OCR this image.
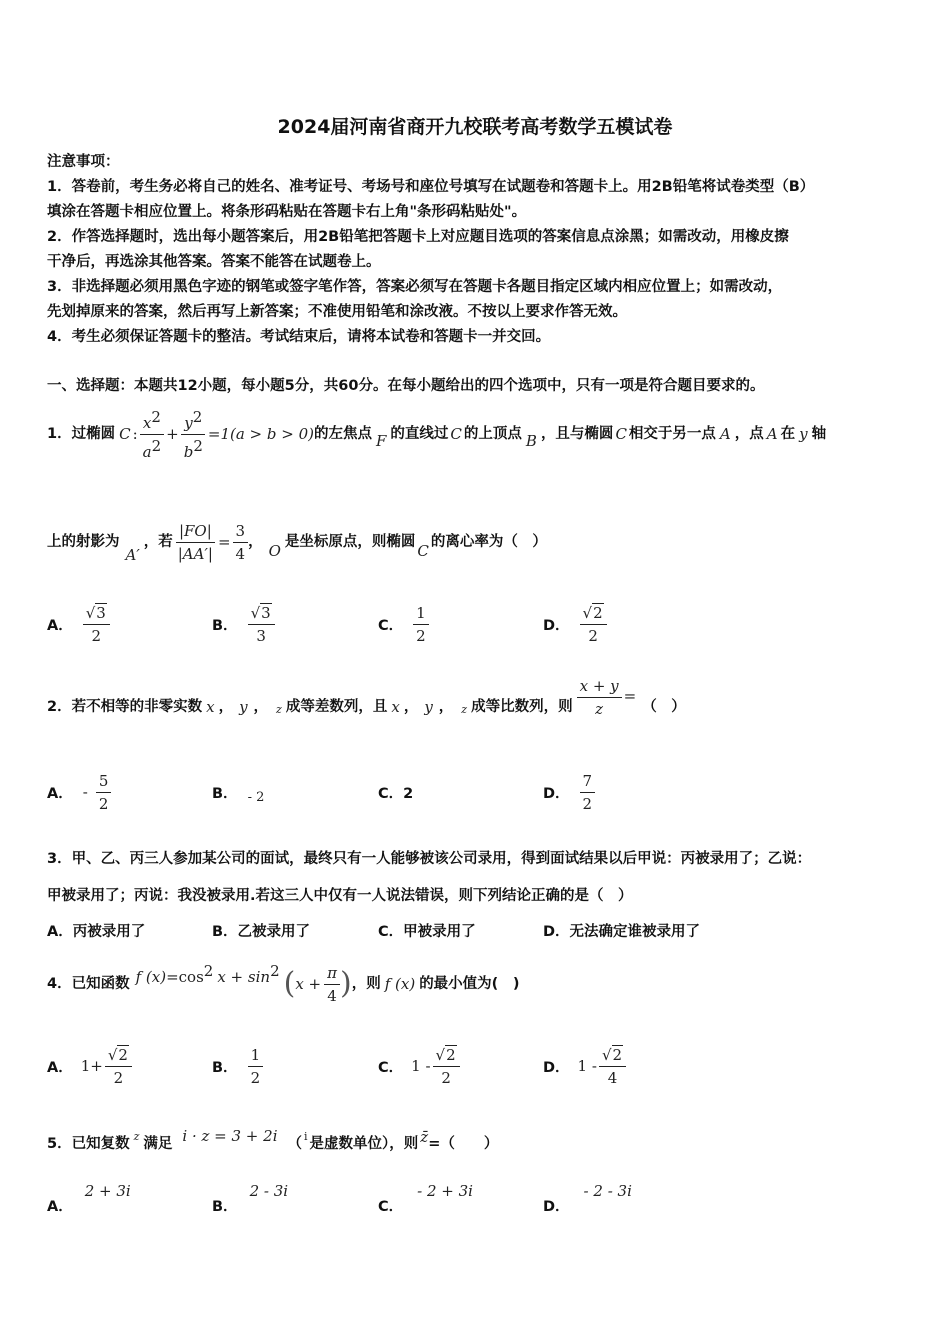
2024届河南省商开九校联考高考数学五模试卷
注意事项：
1．答卷前，考生务必将自己的姓名、准考证号、考场号和座位号填写在试题卷和答题卡上。用2B铅笔将试卷类型（B）
填涂在答题卡相应位置上。将条形码粘贴在答题卡右上角"条形码粘贴处"。
2．作答选择题时，选出每小题答案后，用2B铅笔把答题卡上对应题目选项的答案信息点涂黑；如需改动，用橡皮擦
干净后，再选涂其他答案。答案不能答在试题卷上。
3．非选择题必须用黑色字迹的钢笔或签字笔作答，答案必须写在答题卡各题目指定区域内相应位置上；如需改动，
先划掉原来的答案，然后再写上新答案；不准使用铅笔和涂改液。不按以上要求作答无效。
4．考生必须保证答题卡的整洁。考试结束后，请将本试卷和答题卡一并交回。
一、选择题：本题共12小题，每小题5分，共60分。在每小题给出的四个选项中，只有一项是符合题目要求的。
1．过椭圆 C : $\frac{x^2}{a^2} + \frac{y^2}{b^2} =1(a > b > 0)$ 的左焦点 F 的直线过 C 的上顶点 B ，且与椭圆 C 相交于另一点 A ，点 A 在 y 轴
上的射影为
A′
，若 $\frac{|FO|}{|AA'|} = \frac{3}{4}$ ， O 是坐标原点，则椭圆 C 的离心率为（　）
A． $\frac{√3}{2}$	B． $\frac{√3}{3}$	C． $\frac{1}{2}$	D． $\frac{√2}{2}$
2．若不相等的非零实数 x ， y ， z 成等差数列，且 x ， y ， z 成等比数列，则 $\frac{x + y}{z}$ =
（　）
A． - $\frac{5}{2}$	B． - 2	C．2	D． $\frac{7}{2}$
3．甲、乙、丙三人参加某公司的面试，最终只有一人能够被该公司录用，得到面试结果以后甲说：丙被录用了；乙说：
甲被录用了；丙说：我没被录用.若这三人中仅有一人说法错误，则下列结论正确的是（　）
A．丙被录用了	B．乙被录用了	C．甲被录用了	D．无法确定谁被录用了
4．已知函数 f (x) =cos 2 x + sin 2 ( $x + \frac{\pi}{4}$ ) ，则 f (x) 的最小值为(　)
A． $1+ \frac{√2}{2}$	B． $\frac{1}{2}$	C． $1 - \frac{√2}{2}$	D． $1 - \frac{√2}{4}$
5．已知复数 z 满足 i · z = 3 + 2i （ i 是虚数单位），则 z̄ =（　　）
A．
2 + 3i
B．
2 - 3i
C．
- 2 + 3i
D．
- 2 - 3i
